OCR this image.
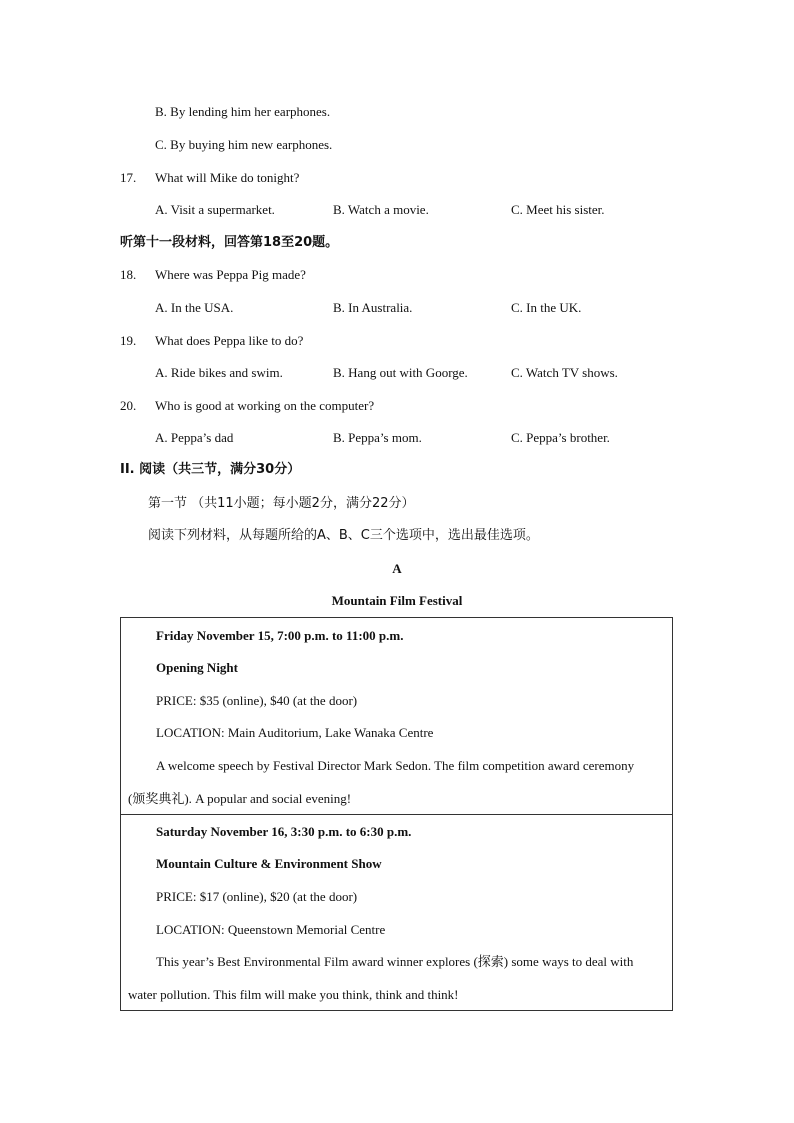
B. By lending him her earphones.
C. By buying him new earphones.
17. What will Mike do tonight?
A. Visit a supermarket.	B. Watch a movie.	C. Meet his sister.
听第十一段材料，回答第18至20题。
18. Where was Peppa Pig made?
A. In the USA.	B. In Australia.	C. In the UK.
19. What does Peppa like to do?
A. Ride bikes and swim.	B. Hang out with Goorge.	C. Watch TV shows.
20. Who is good at working on the computer?
A. Peppa’s dad	B. Peppa’s mom.	C. Peppa’s brother.
II. 阅读（共三节，满分30分）
第一节 （共11小题；每小题2分，满分22分）
阅读下列材料，从每题所给的A、B、C三个选项中，选出最佳选项。
A
Mountain Film Festival
Friday November 15, 7:00 p.m. to 11:00 p.m.
Opening Night
PRICE: $35 (online), $40 (at the door)
LOCATION: Main Auditorium, Lake Wanaka Centre
A welcome speech by Festival Director Mark Sedon. The film competition award ceremony
(颁奖典礼). A popular and social evening!
Saturday November 16, 3:30 p.m. to 6:30 p.m.
Mountain Culture & Environment Show
PRICE: $17 (online), $20 (at the door)
LOCATION: Queenstown Memorial Centre
This year’s Best Environmental Film award winner explores (探索) some ways to deal with
water pollution. This film will make you think, think and think!
